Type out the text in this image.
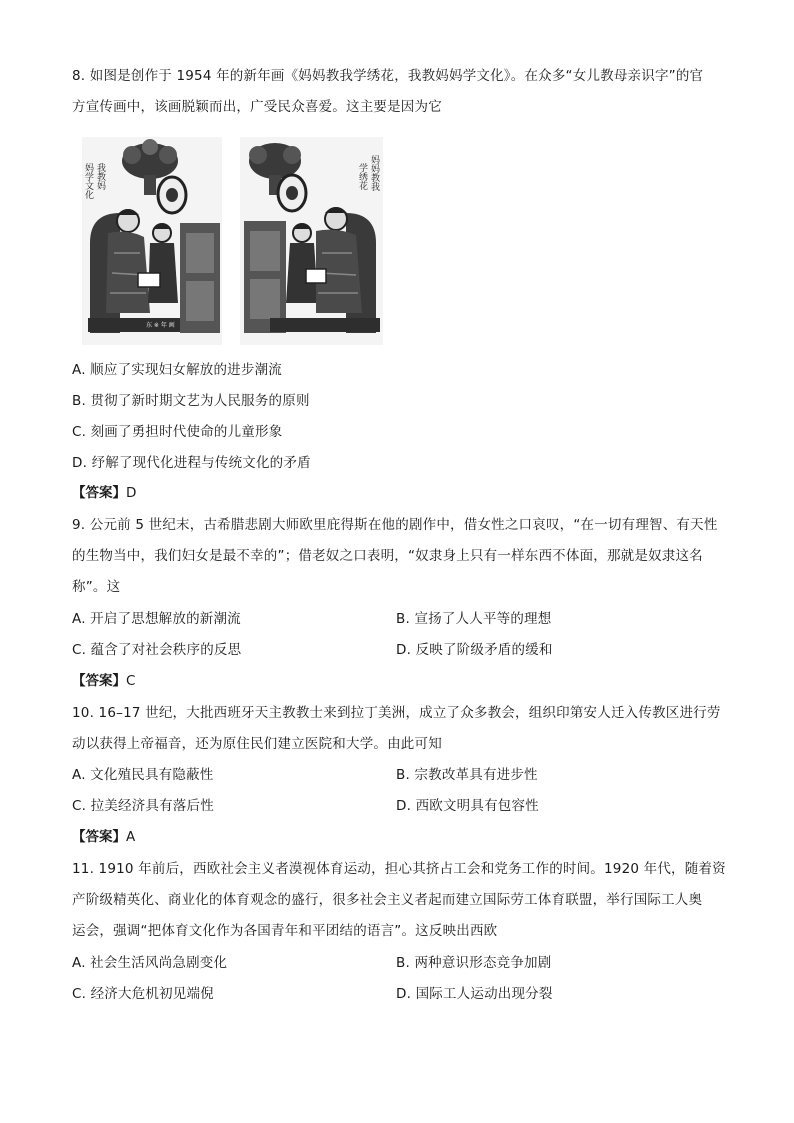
8. 如图是创作于 1954 年的新年画《妈妈教我学绣花，我教妈妈学文化》。在众多“女儿教母亲识字”的官
方宣传画中，该画脱颖而出，广受民众喜爱。这主要是因为它
我教妈
妈学文化
东 ※ 年 画
妈妈教我
学绣花
A. 顺应了实现妇女解放的进步潮流
B. 贯彻了新时期文艺为人民服务的原则
C. 刻画了勇担时代使命的儿童形象
D. 纾解了现代化进程与传统文化的矛盾
【答案】D
9. 公元前 5 世纪末，古希腊悲剧大师欧里庇得斯在他的剧作中，借女性之口哀叹，“在一切有理智、有天性
的生物当中，我们妇女是最不幸的”；借老奴之口表明，“奴隶身上只有一样东西不体面，那就是奴隶这名
称”。这
A. 开启了思想解放的新潮流	B. 宣扬了人人平等的理想
C. 蕴含了对社会秩序的反思	D. 反映了阶级矛盾的缓和
【答案】C
10. 16–17 世纪，大批西班牙天主教教士来到拉丁美洲，成立了众多教会，组织印第安人迁入传教区进行劳
动以获得上帝福音，还为原住民们建立医院和大学。由此可知
A. 文化殖民具有隐蔽性	B. 宗教改革具有进步性
C. 拉美经济具有落后性	D. 西欧文明具有包容性
【答案】A
11. 1910 年前后，西欧社会主义者漠视体育运动，担心其挤占工会和党务工作的时间。1920 年代，随着资
产阶级精英化、商业化的体育观念的盛行，很多社会主义者起而建立国际劳工体育联盟，举行国际工人奥
运会，强调“把体育文化作为各国青年和平团结的语言”。这反映出西欧
A. 社会生活风尚急剧变化	B. 两种意识形态竞争加剧
C. 经济大危机初见端倪	D. 国际工人运动出现分裂
